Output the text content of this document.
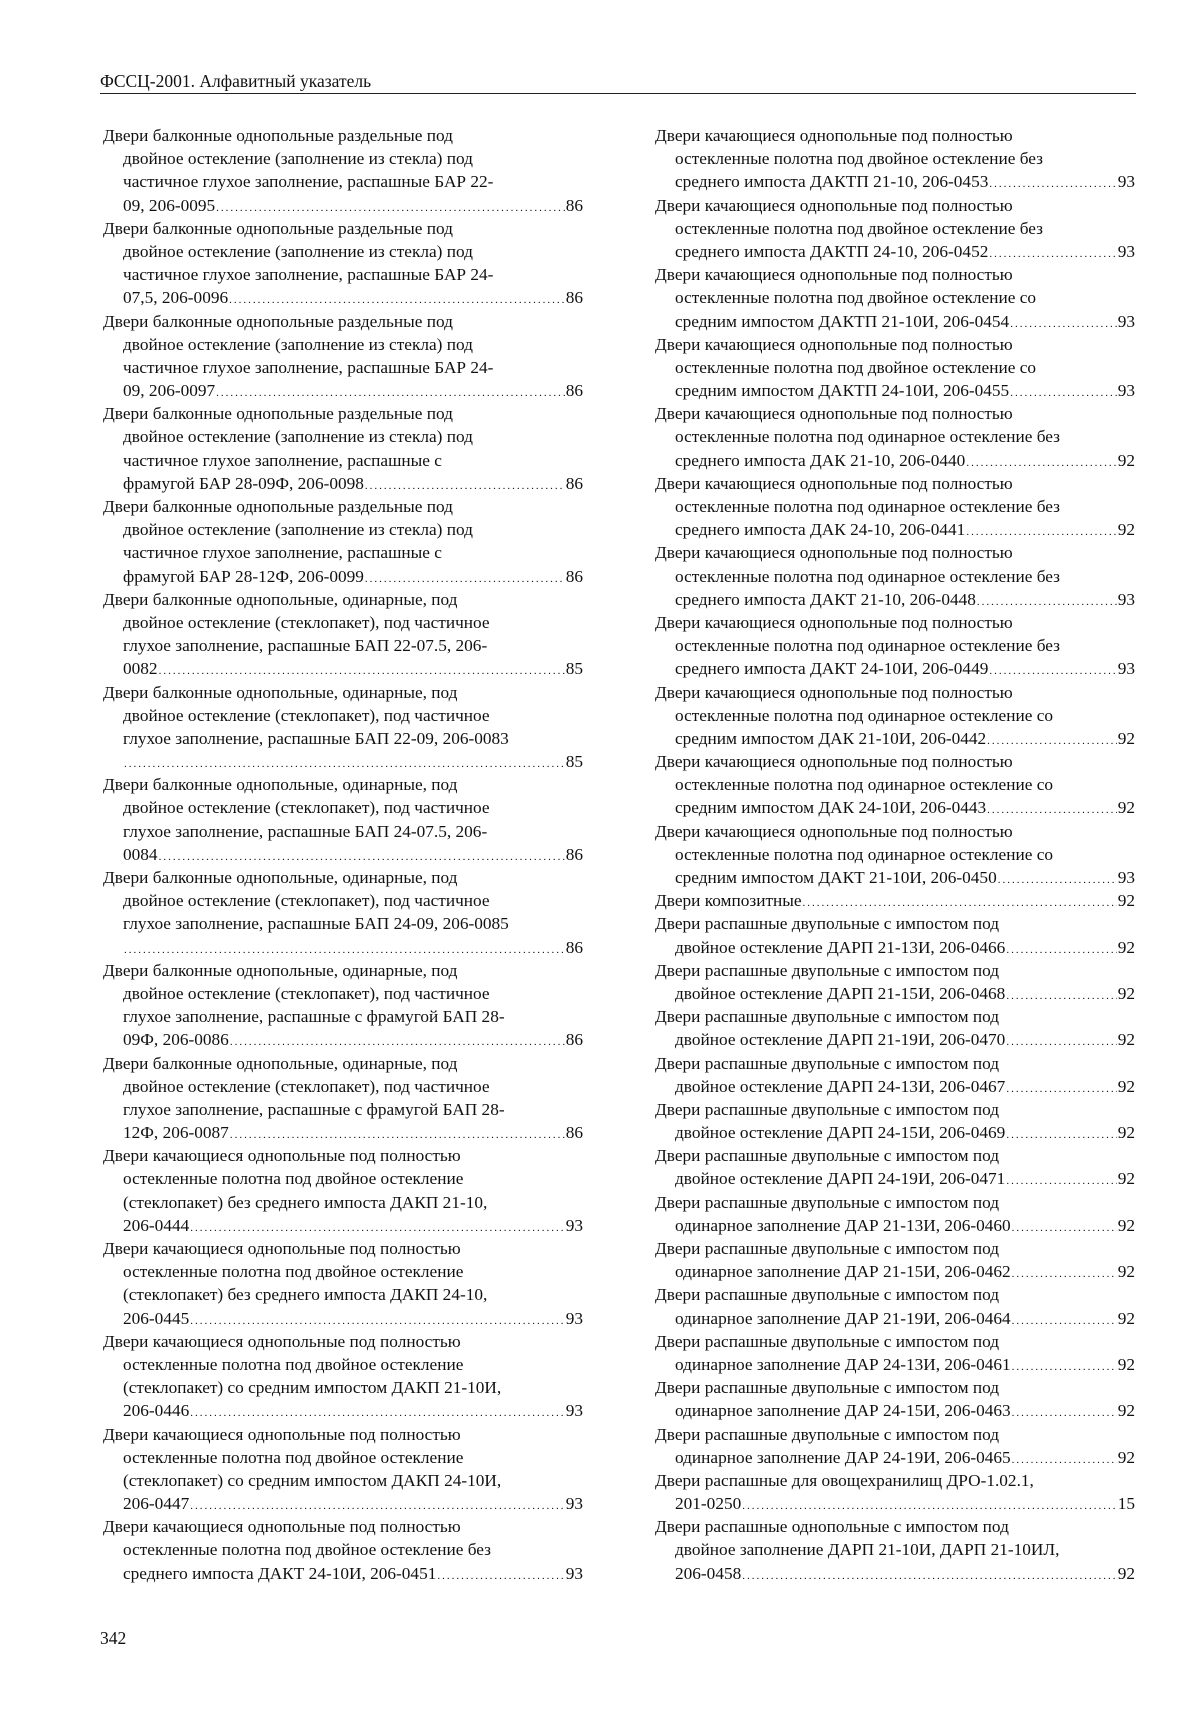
ФССЦ-2001. Алфавитный указатель
Двери балконные однопольные раздельные под
двойное остекление (заполнение из стекла) под
частичное глухое заполнение, распашные БАР 22-
09, 206-0095 .....	86
Двери балконные однопольные раздельные под
двойное остекление (заполнение из стекла) под
частичное глухое заполнение, распашные БАР 24-
07,5, 206-0096 .....	86
Двери балконные однопольные раздельные под
двойное остекление (заполнение из стекла) под
частичное глухое заполнение, распашные БАР 24-
09, 206-0097 .....	86
Двери балконные однопольные раздельные под
двойное остекление (заполнение из стекла) под
частичное глухое заполнение, распашные с
фрамугой БАР 28-09Ф, 206-0098 .....	86
Двери балконные однопольные раздельные под
двойное остекление (заполнение из стекла) под
частичное глухое заполнение, распашные с
фрамугой БАР 28-12Ф, 206-0099 .....	86
Двери балконные однопольные, одинарные, под
двойное остекление (стеклопакет), под частичное
глухое заполнение, распашные БАП 22-07.5, 206-
0082 .....	85
Двери балконные однопольные, одинарные, под
двойное остекление (стеклопакет), под частичное
глухое заполнение, распашные БАП 22-09, 206-0083
.....
85
Двери балконные однопольные, одинарные, под
двойное остекление (стеклопакет), под частичное
глухое заполнение, распашные БАП 24-07.5, 206-
0084 .....	86
Двери балконные однопольные, одинарные, под
двойное остекление (стеклопакет), под частичное
глухое заполнение, распашные БАП 24-09, 206-0085
.....
86
Двери балконные однопольные, одинарные, под
двойное остекление (стеклопакет), под частичное
глухое заполнение, распашные с фрамугой БАП 28-
09Ф, 206-0086 .....	86
Двери балконные однопольные, одинарные, под
двойное остекление (стеклопакет), под частичное
глухое заполнение, распашные с фрамугой БАП 28-
12Ф, 206-0087 .....	86
Двери качающиеся однопольные под полностью
остекленные полотна под двойное остекление
(стеклопакет) без среднего импоста ДАКП 21-10,
206-0444 .....	93
Двери качающиеся однопольные под полностью
остекленные полотна под двойное остекление
(стеклопакет) без среднего импоста ДАКП 24-10,
206-0445 .....	93
Двери качающиеся однопольные под полностью
остекленные полотна под двойное остекление
(стеклопакет) со средним импостом ДАКП 21-10И,
206-0446 .....	93
Двери качающиеся однопольные под полностью
остекленные полотна под двойное остекление
(стеклопакет) со средним импостом ДАКП 24-10И,
206-0447 .....	93
Двери качающиеся однопольные под полностью
остекленные полотна под двойное остекление без
среднего импоста ДАКТ 24-10И, 206-0451 .....	93
Двери качающиеся однопольные под полностью
остекленные полотна под двойное остекление без
среднего импоста ДАКТП 21-10, 206-0453 .....	93
Двери качающиеся однопольные под полностью
остекленные полотна под двойное остекление без
среднего импоста ДАКТП 24-10, 206-0452 .....	93
Двери качающиеся однопольные под полностью
остекленные полотна под двойное остекление со
средним импостом ДАКТП 21-10И, 206-0454 .....	93
Двери качающиеся однопольные под полностью
остекленные полотна под двойное остекление со
средним импостом ДАКТП 24-10И, 206-0455 .....	93
Двери качающиеся однопольные под полностью
остекленные полотна под одинарное остекление без
среднего импоста ДАК 21-10, 206-0440 .....	92
Двери качающиеся однопольные под полностью
остекленные полотна под одинарное остекление без
среднего импоста ДАК 24-10, 206-0441 .....	92
Двери качающиеся однопольные под полностью
остекленные полотна под одинарное остекление без
среднего импоста ДАКТ 21-10, 206-0448 .....	93
Двери качающиеся однопольные под полностью
остекленные полотна под одинарное остекление без
среднего импоста ДАКТ 24-10И, 206-0449 .....	93
Двери качающиеся однопольные под полностью
остекленные полотна под одинарное остекление со
средним импостом ДАК 21-10И, 206-0442 .....	92
Двери качающиеся однопольные под полностью
остекленные полотна под одинарное остекление со
средним импостом ДАК 24-10И, 206-0443 .....	92
Двери качающиеся однопольные под полностью
остекленные полотна под одинарное остекление со
средним импостом ДАКТ 21-10И, 206-0450 .....	93
Двери композитные .....	92
Двери распашные двупольные с импостом под
двойное остекление ДАРП 21-13И, 206-0466 .....	92
Двери распашные двупольные с импостом под
двойное остекление ДАРП 21-15И, 206-0468 .....	92
Двери распашные двупольные с импостом под
двойное остекление ДАРП 21-19И, 206-0470 .....	92
Двери распашные двупольные с импостом под
двойное остекление ДАРП 24-13И, 206-0467 .....	92
Двери распашные двупольные с импостом под
двойное остекление ДАРП 24-15И, 206-0469 .....	92
Двери распашные двупольные с импостом под
двойное остекление ДАРП 24-19И, 206-0471 .....	92
Двери распашные двупольные с импостом под
одинарное заполнение ДАР 21-13И, 206-0460 .....	92
Двери распашные двупольные с импостом под
одинарное заполнение ДАР 21-15И, 206-0462 .....	92
Двери распашные двупольные с импостом под
одинарное заполнение ДАР 21-19И, 206-0464 .....	92
Двери распашные двупольные с импостом под
одинарное заполнение ДАР 24-13И, 206-0461 .....	92
Двери распашные двупольные с импостом под
одинарное заполнение ДАР 24-15И, 206-0463 .....	92
Двери распашные двупольные с импостом под
одинарное заполнение ДАР 24-19И, 206-0465 .....	92
Двери распашные для овощехранилищ ДРО-1.02.1,
201-0250 .....	15
Двери распашные однопольные с импостом под
двойное заполнение ДАРП 21-10И, ДАРП 21-10ИЛ,
206-0458 .....	92
342
